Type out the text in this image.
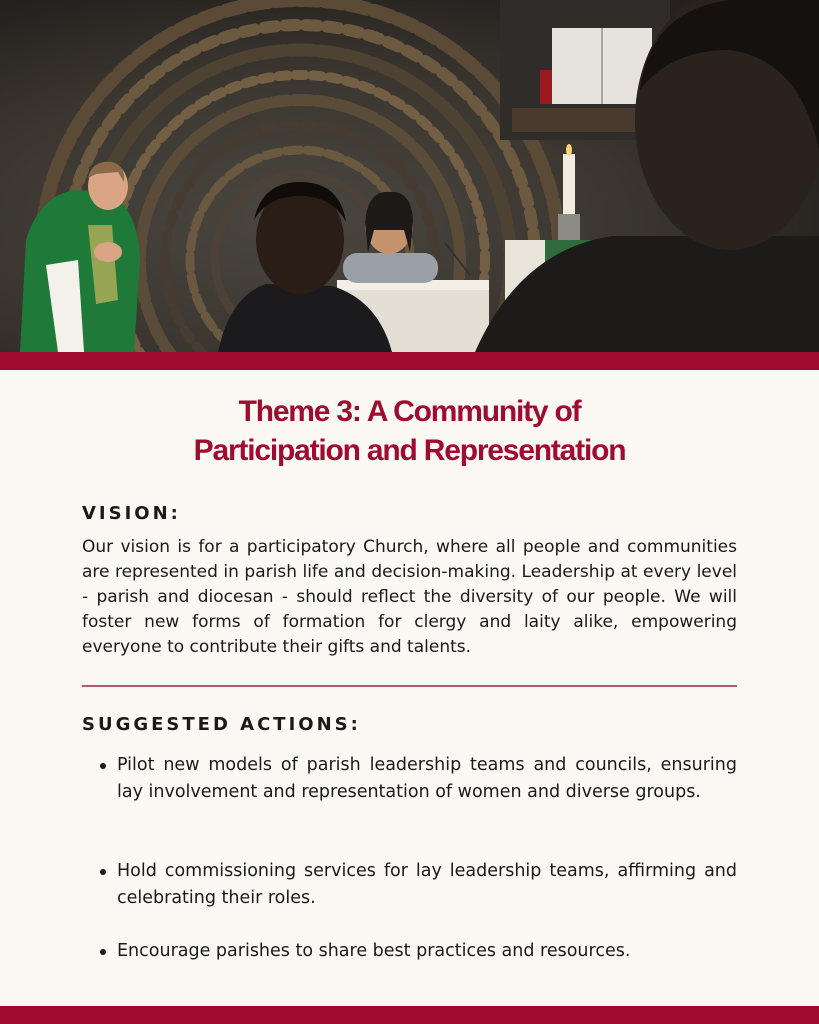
Theme 3: A Community of
Participation and Representation
VISION:

Our vision is for a participatory Church, where all people and communities are represented in parish life and decision-making. Leadership at every level - parish and diocesan - should reflect the diversity of our people. We will foster new forms of formation for clergy and laity alike, empowering everyone to contribute their gifts and talents.

SUGGESTED ACTIONS:
Pilot new models of parish leadership teams and councils, ensuring lay involvement and representation of women and diverse groups.
Hold commissioning services for lay leadership teams, affirming and celebrating their roles.
Encourage parishes to share best practices and resources.
